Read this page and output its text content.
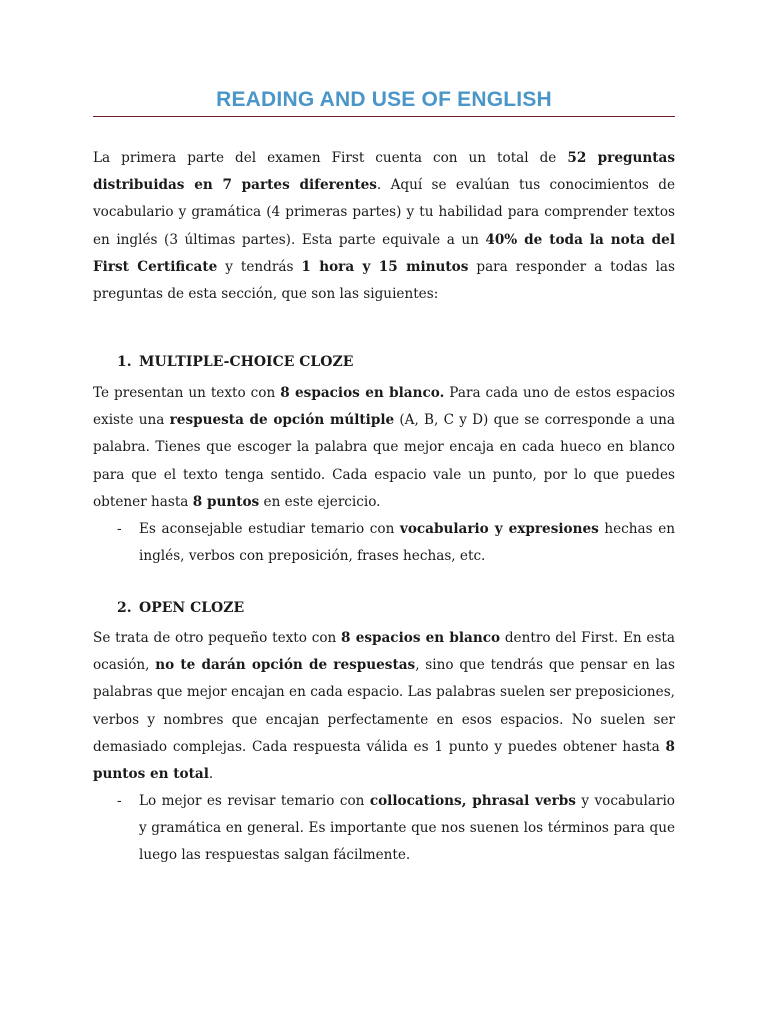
READING AND USE OF ENGLISH

La primera parte del examen First cuenta con un total de 52 preguntas distribuidas en 7 partes diferentes. Aquí se evalúan tus conocimientos de vocabulario y gramática (4 primeras partes) y tu habilidad para comprender textos en inglés (3 últimas partes). Esta parte equivale a un 40% de toda la nota del First Certificate y tendrás 1 hora y 15 minutos para responder a todas las preguntas de esta sección, que son las siguientes:

1. MULTIPLE-CHOICE CLOZE

Te presentan un texto con 8 espacios en blanco. Para cada uno de estos espacios existe una respuesta de opción múltiple (A, B, C y D) que se corresponde a una palabra. Tienes que escoger la palabra que mejor encaja en cada hueco en blanco para que el texto tenga sentido. Cada espacio vale un punto, por lo que puedes obtener hasta 8 puntos en este ejercicio.

-	Es aconsejable estudiar temario con vocabulario y expresiones hechas en inglés, verbos con preposición, frases hechas, etc.
2. OPEN CLOZE

Se trata de otro pequeño texto con 8 espacios en blanco dentro del First. En esta ocasión, no te darán opción de respuestas, sino que tendrás que pensar en las palabras que mejor encajan en cada espacio. Las palabras suelen ser preposiciones, verbos y nombres que encajan perfectamente en esos espacios. No suelen ser demasiado complejas. Cada respuesta válida es 1 punto y puedes obtener hasta 8 puntos en total.

-	Lo mejor es revisar temario con collocations, phrasal verbs y vocabulario y gramática en general. Es importante que nos suenen los términos para que luego las respuestas salgan fácilmente.
